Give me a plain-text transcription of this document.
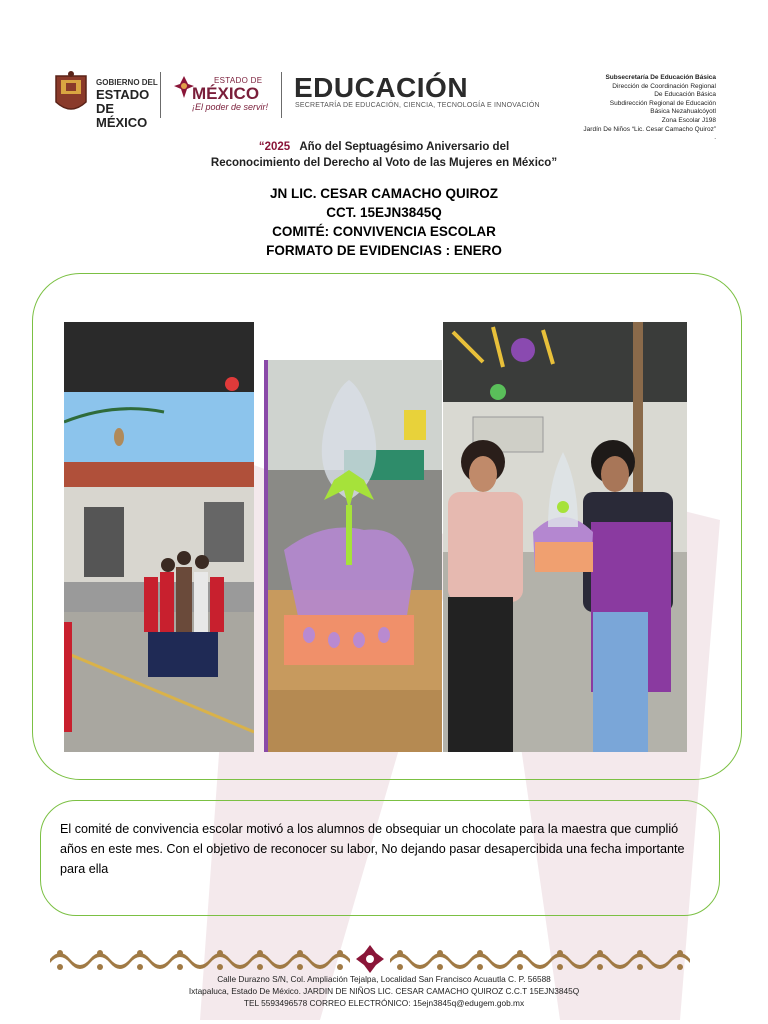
GOBIERNO DEL
ESTADO DE
MÉXICO
ESTADO DE
MÉXICO
¡El poder de servir!
EDUCACIÓN
SECRETARÍA DE EDUCACIÓN, CIENCIA, TECNOLOGÍA E INNOVACIÓN
Subsecretaría De Educación Básica
Dirección de Coordinación Regional
De Educación Básica
Subdirección Regional de Educación
Básica Nezahualcóyotl
Zona Escolar J198
Jardín De Niños “Lic. Cesar Camacho Quiroz”
.
“2025 Año del Septuagésimo Aniversario del
Reconocimiento del Derecho al Voto de las Mujeres en México”
JN LIC. CESAR CAMACHO QUIROZ
CCT. 15EJN3845Q
COMITÉ: CONVIVENCIA ESCOLAR
FORMATO DE EVIDENCIAS : ENERO
El comité de convivencia escolar motivó a los alumnos de obsequiar un chocolate para la maestra que cumplió años en este mes. Con el objetivo de reconocer su labor, No dejando pasar desapercibida una fecha importante para ella
Calle Durazno S/N, Col. Ampliación Tejalpa, Localidad San Francisco Acuautla C. P. 56588
Ixtapaluca, Estado De México. JARDIN DE NIÑOS LIC. CESAR CAMACHO QUIROZ C.C.T 15EJN3845Q
TEL 5593496578 CORREO ELECTRÓNICO: 15ejn3845q@edugem.gob.mx
